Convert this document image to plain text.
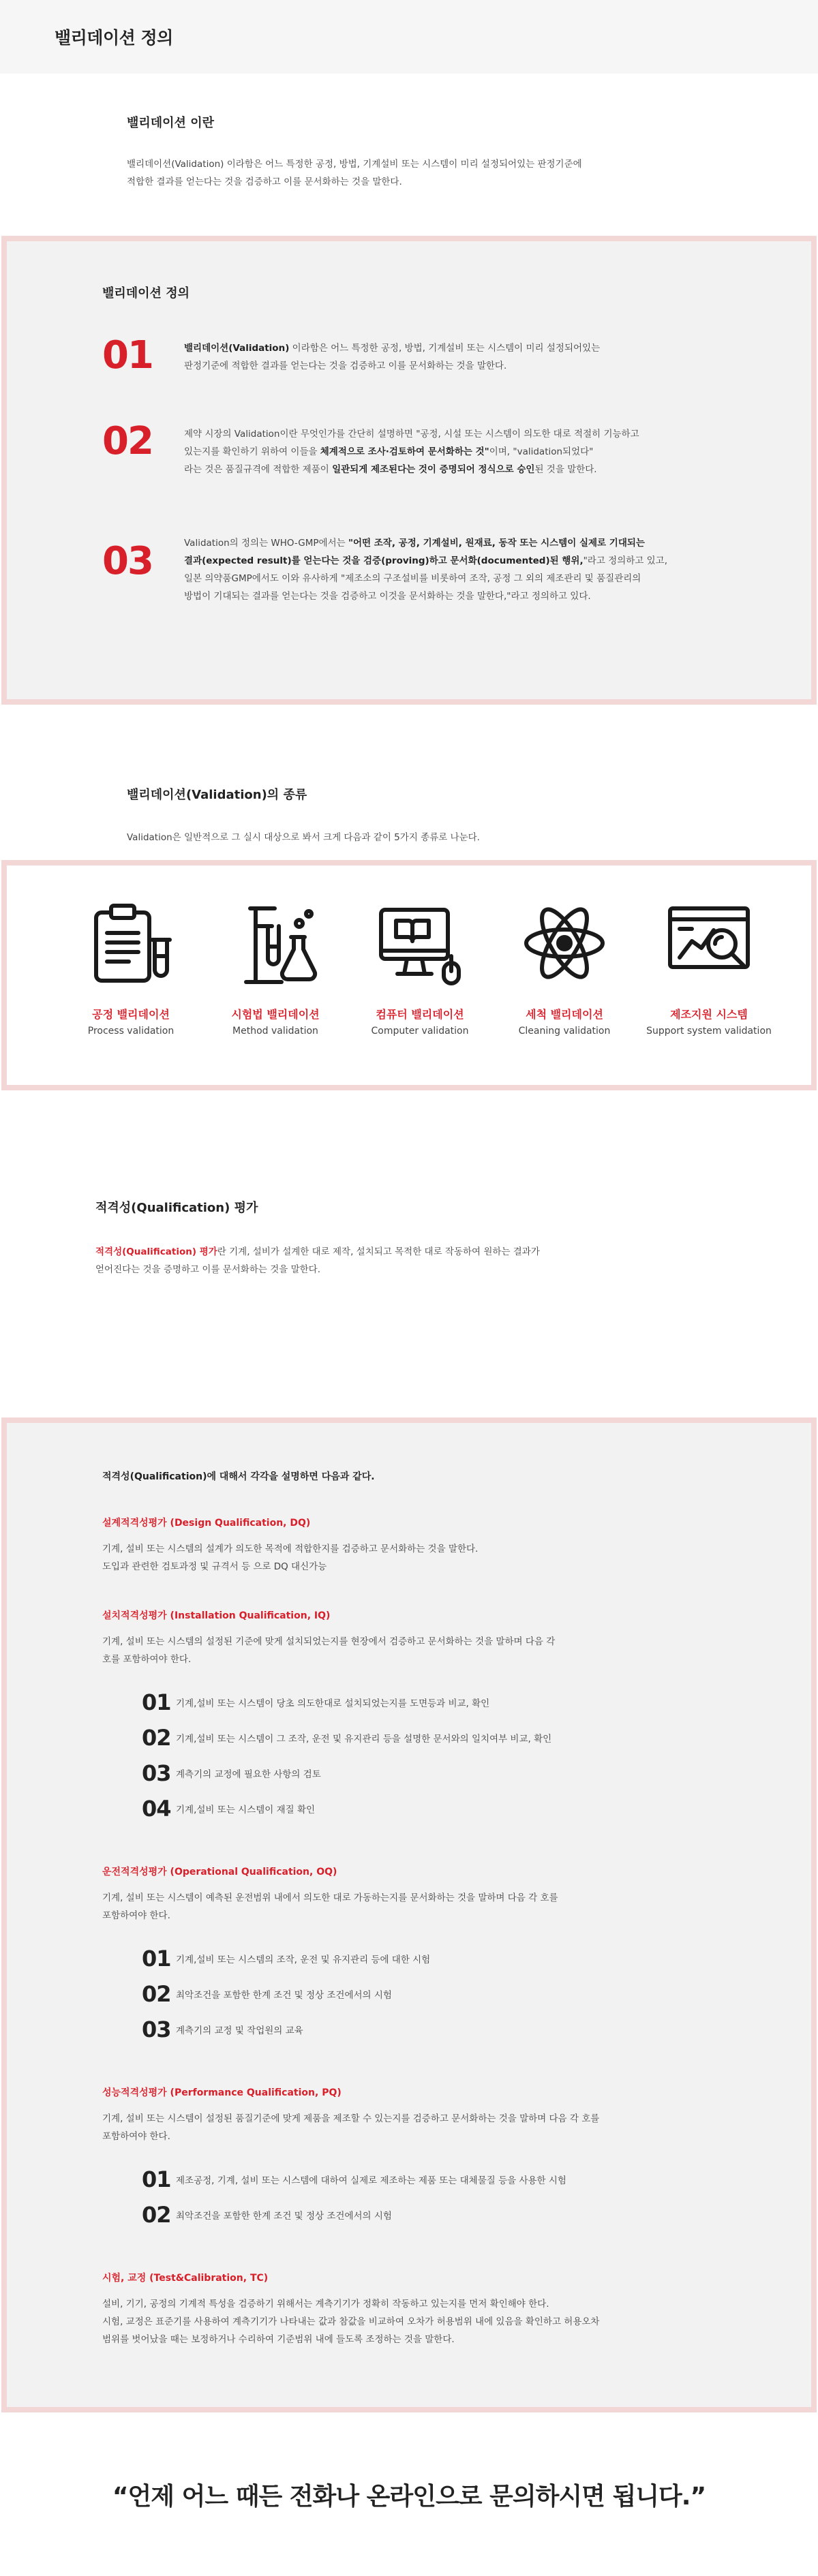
밸리데이션 정의
밸리데이션 이란

밸리데이션(Validation) 이라함은 어느 특정한 공정, 방법, 기계설비 또는 시스템이 미리 설정되어있는 판정기준에
적합한 결과를 얻는다는 것을 검증하고 이를 문서화하는 것을 말한다.

밸리데이션 정의
01	밸리데이션(Validation) 이라함은 어느 특정한 공정, 방법, 기계설비 또는 시스템이 미리 설정되어있는
판정기준에 적합한 결과를 얻는다는 것을 검증하고 이를 문서화하는 것을 말한다.

02	제약 시장의 Validation이란 무엇인가를 간단히 설명하면 "공정, 시설 또는 시스템이 의도한 대로 적절히 기능하고
있는지를 확인하기 위하여 이들을 체계적으로 조사·검토하여 문서화하는 것"이며, "validation되었다"
라는 것은 품질규격에 적합한 제품이 일관되게 제조된다는 것이 증명되어 정식으로 승인된 것을 말한다.

03	Validation의 정의는 WHO-GMP에서는 "어떤 조작, 공정, 기계설비, 원재료, 동작 또는 시스템이 실제로 기대되는
결과(expected result)를 얻는다는 것을 검증(proving)하고 문서화(documented)된 행위,"라고 정의하고 있고,
일본 의약품GMP에서도 이와 유사하게 "제조소의 구조설비를 비롯하여 조작, 공정 그 외의 제조관리 및 품질관리의
방법이 기대되는 결과를 얻는다는 것을 검증하고 이것을 문서화하는 것을 말한다,"라고 정의하고 있다.

밸리데이션(Validation)의 종류

Validation은 일반적으로 그 실시 대상으로 봐서 크게 다음과 같이 5가지 종류로 나눈다.

공정 밸리데이션
Process validation
시험법 밸리데이션
Method validation
컴퓨터 밸리데이션
Computer validation
세척 밸리데이션
Cleaning validation
제조지원 시스템
Support system validation
적격성(Qualification) 평가

적격성(Qualification) 평가란 기계, 설비가 설계한 대로 제작, 설치되고 목적한 대로 작동하여 원하는 결과가
얻어진다는 것을 증명하고 이를 문서화하는 것을 말한다.

적격성(Qualification)에 대해서 각각을 설명하면 다음과 같다.

설계적격성평가 (Design Qualification, DQ)

기계, 설비 또는 시스템의 설계가 의도한 목적에 적합한지를 검증하고 문서화하는 것을 말한다.
도입과 관련한 검토과정 및 규격서 등 으로 DQ 대신가능

설치적격성평가 (Installation Qualification, IQ)

기계, 설비 또는 시스템의 설정된 기준에 맞게 설치되었는지를 현장에서 검증하고 문서화하는 것을 말하며 다음 각
호를 포함하여야 한다.

01 기계,설비 또는 시스템이 당초 의도한대로 설치되었는지를 도면등과 비교, 확인
02 기계,설비 또는 시스템이 그 조작, 운전 및 유지관리 등을 설명한 문서와의 일치여부 비교, 확인
03 계측기의 교정에 필요한 사항의 검토
04 기계,설비 또는 시스템이 재질 확인
운전적격성평가 (Operational Qualification, OQ)

기계, 설비 또는 시스템이 예측된 운전범위 내에서 의도한 대로 가동하는지를 문서화하는 것을 말하며 다음 각 호를
포함하여야 한다.

01 기계,설비 또는 시스템의 조작, 운전 및 유지관리 등에 대한 시험
02 최악조건을 포함한 한계 조건 및 정상 조건에서의 시험
03 계측기의 교정 및 작업원의 교육
성능적격성평가 (Performance Qualification, PQ)

기계, 설비 또는 시스템이 설정된 품질기준에 맞게 제품을 제조할 수 있는지를 검증하고 문서화하는 것을 말하며 다음 각 호를
포함하여야 한다.

01 제조공정, 기계, 설비 또는 시스템에 대하여 실제로 제조하는 제품 또는 대체물질 등을 사용한 시험
02 최악조건을 포함한 한계 조건 및 정상 조건에서의 시험
시험, 교정 (Test&Calibration, TC)

설비, 기기, 공정의 기계적 특성을 검증하기 위해서는 계측기기가 정확히 작동하고 있는지를 먼저 확인해야 한다.
시험, 교정은 표준기를 사용하여 계측기기가 나타내는 값과 참값을 비교하여 오차가 허용범위 내에 있음을 확인하고 허용오차
범위를 벗어났을 때는 보정하거나 수리하여 기준범위 내에 들도록 조정하는 것을 말한다.

“언제 어느 때든 전화나 온라인으로 문의하시면 됩니다.”
